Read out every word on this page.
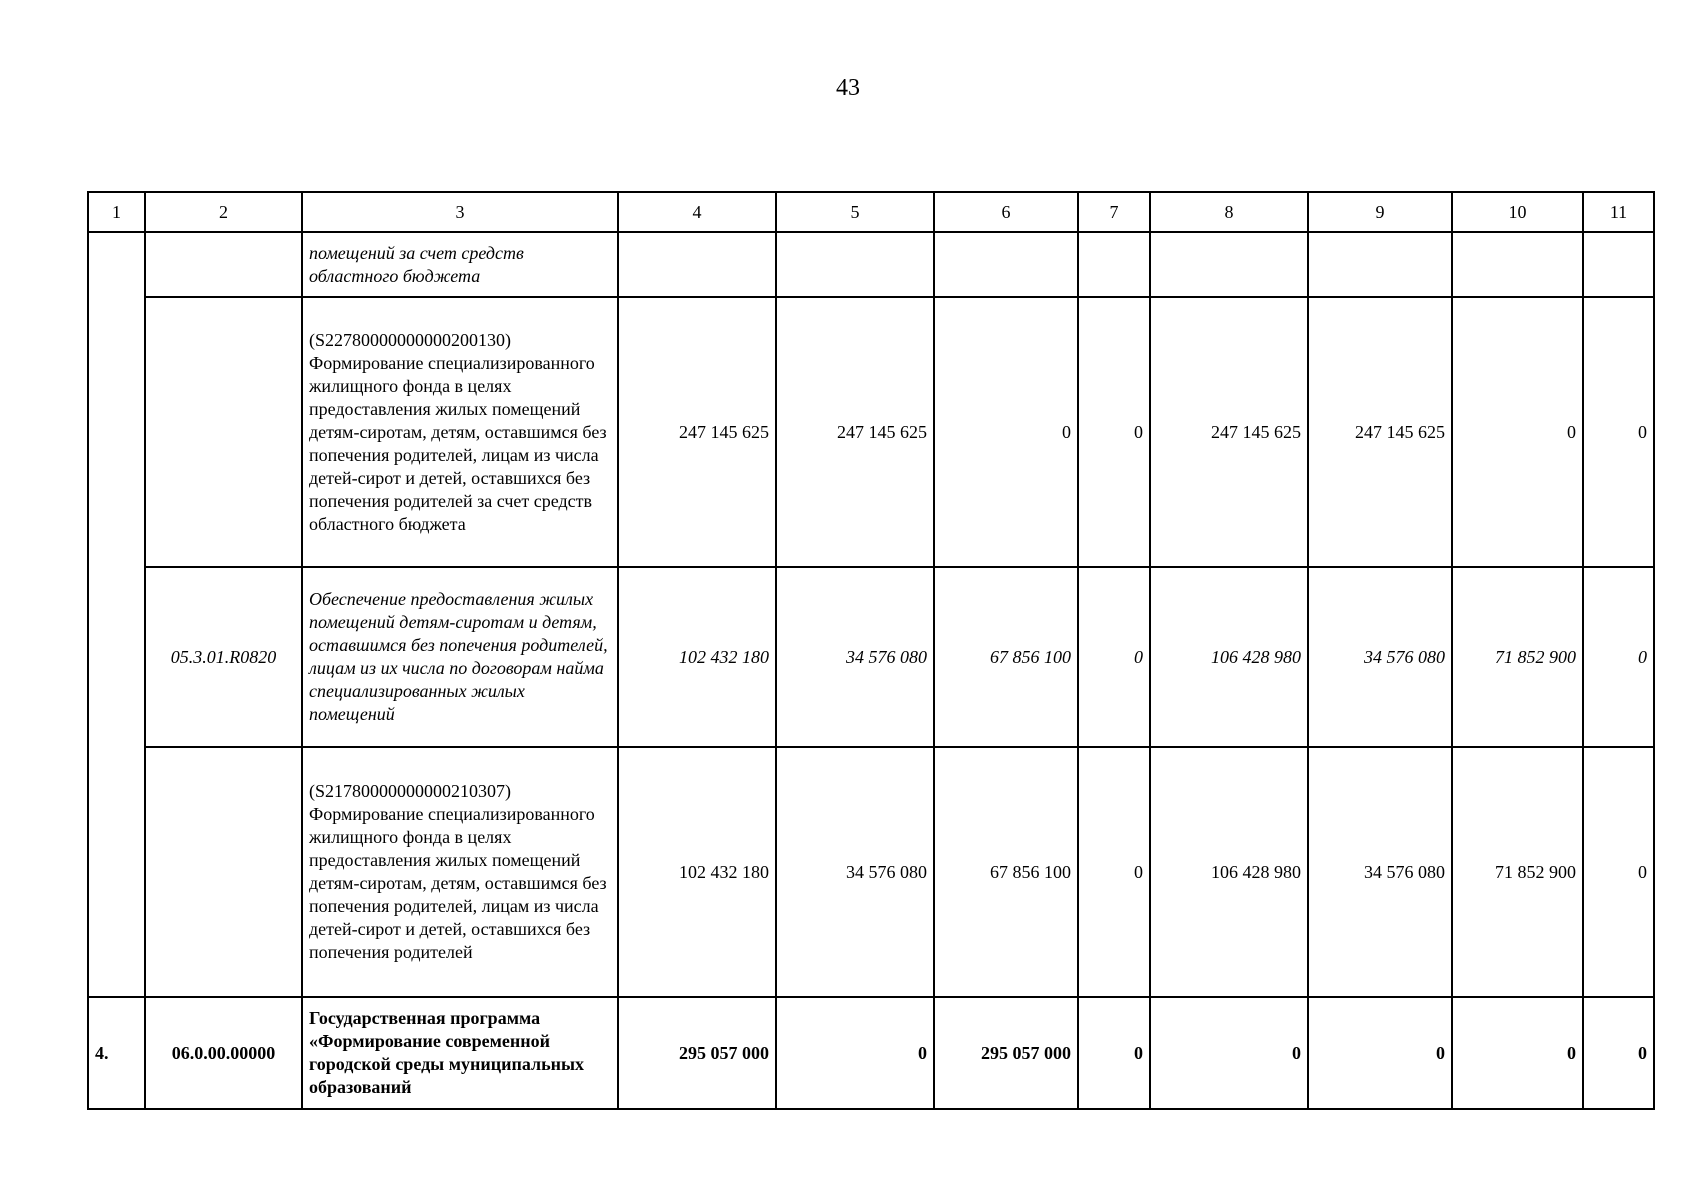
43
1	2	3	4	5	6	7	8	9	10	11
		помещений за счет средств областного бюджета								
		(S22780000000000200130) Формирование специализированного жилищного фонда в целях предоставления жилых помещений детям-сиротам, детям, оставшимся без попечения родителей, лицам из числа детей-сирот и детей, оставшихся без попечения родителей за счет средств областного бюджета	247 145 625	247 145 625	0	0	247 145 625	247 145 625	0	0
	05.3.01.R0820	Обеспечение предоставления жилых помещений детям-сиротам и детям, оставшимся без попечения родителей, лицам из их числа по договорам найма специализированных жилых помещений	102 432 180	34 576 080	67 856 100	0	106 428 980	34 576 080	71 852 900	0
		(S21780000000000210307) Формирование специализированного жилищного фонда в целях предоставления жилых помещений детям-сиротам, детям, оставшимся без попечения родителей, лицам из числа детей-сирот и детей, оставшихся без попечения родителей	102 432 180	34 576 080	67 856 100	0	106 428 980	34 576 080	71 852 900	0
4.	06.0.00.00000	Государственная программа «Формирование современной городской среды муниципальных образований	295 057 000	0	295 057 000	0	0	0	0	0
